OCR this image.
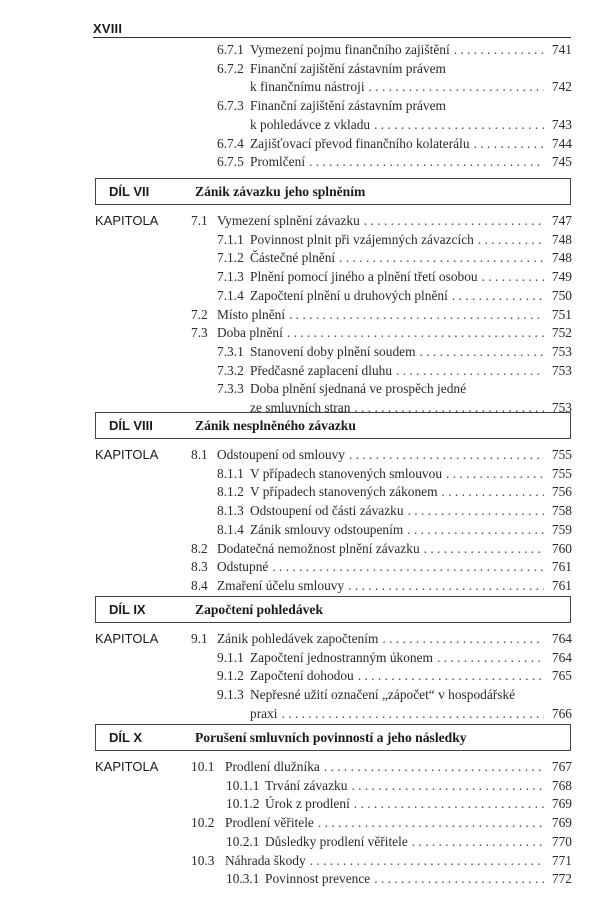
XVIII
6.7.1 Vymezení pojmu finančního zajištění . . .	741
6.7.2 Finanční zajištění zástavním právem
k finančnímu nástroji . . .	742
6.7.3 Finanční zajištění zástavním právem
k pohledávce z vkladu . . .	743
6.7.4 Zajišťovací převod finančního kolaterálu . . .	744
6.7.5 Promlčení . . .	745
DÍL VII	Zánik závazku jeho splněním
KAPITOLA 7.1 Vymezení splnění závazku . . .	747
7.1.1 Povinnost plnit při vzájemných závazcích . . .	748
7.1.2 Částečné plnění . . .	748
7.1.3 Plnění pomocí jiného a plnění třetí osobou . . .	749
7.1.4 Započtení plnění u druhových plnění . . .	750
7.2 Místo plnění . . .	751
7.3 Doba plnění . . .	752
7.3.1 Stanovení doby plnění soudem . . .	753
7.3.2 Předčasné zaplacení dluhu . . .	753
7.3.3 Doba plnění sjednaná ve prospěch jedné
ze smluvních stran . . .	753
DÍL VIII	Zánik nesplněného závazku
KAPITOLA 8.1 Odstoupení od smlouvy . . .	755
8.1.1 V případech stanovených smlouvou . . .	755
8.1.2 V případech stanovených zákonem . . .	756
8.1.3 Odstoupení od části závazku . . .	758
8.1.4 Zánik smlouvy odstoupením . . .	759
8.2 Dodatečná nemožnost plnění závazku . . .	760
8.3 Odstupné . . .	761
8.4 Zmaření účelu smlouvy . . .	761
DÍL IX	Započtení pohledávek
KAPITOLA 9.1 Zánik pohledávek započtením . . .	764
9.1.1 Započtení jednostranným úkonem . . .	764
9.1.2 Započtení dohodou . . .	765
9.1.3 Nepřesné užití označení „zápočet“ v hospodářské
praxi . . .	766
DÍL X	Porušení smluvních povinností a jeho následky
KAPITOLA 10.1 Prodlení dlužníka . . .	767
10.1.1 Trvání závazku . . .	768
10.1.2 Úrok z prodlení . . .	769
10.2 Prodlení věřitele . . .	769
10.2.1 Důsledky prodlení věřitele . . .	770
10.3 Náhrada škody . . .	771
10.3.1 Povinnost prevence . . .	772
